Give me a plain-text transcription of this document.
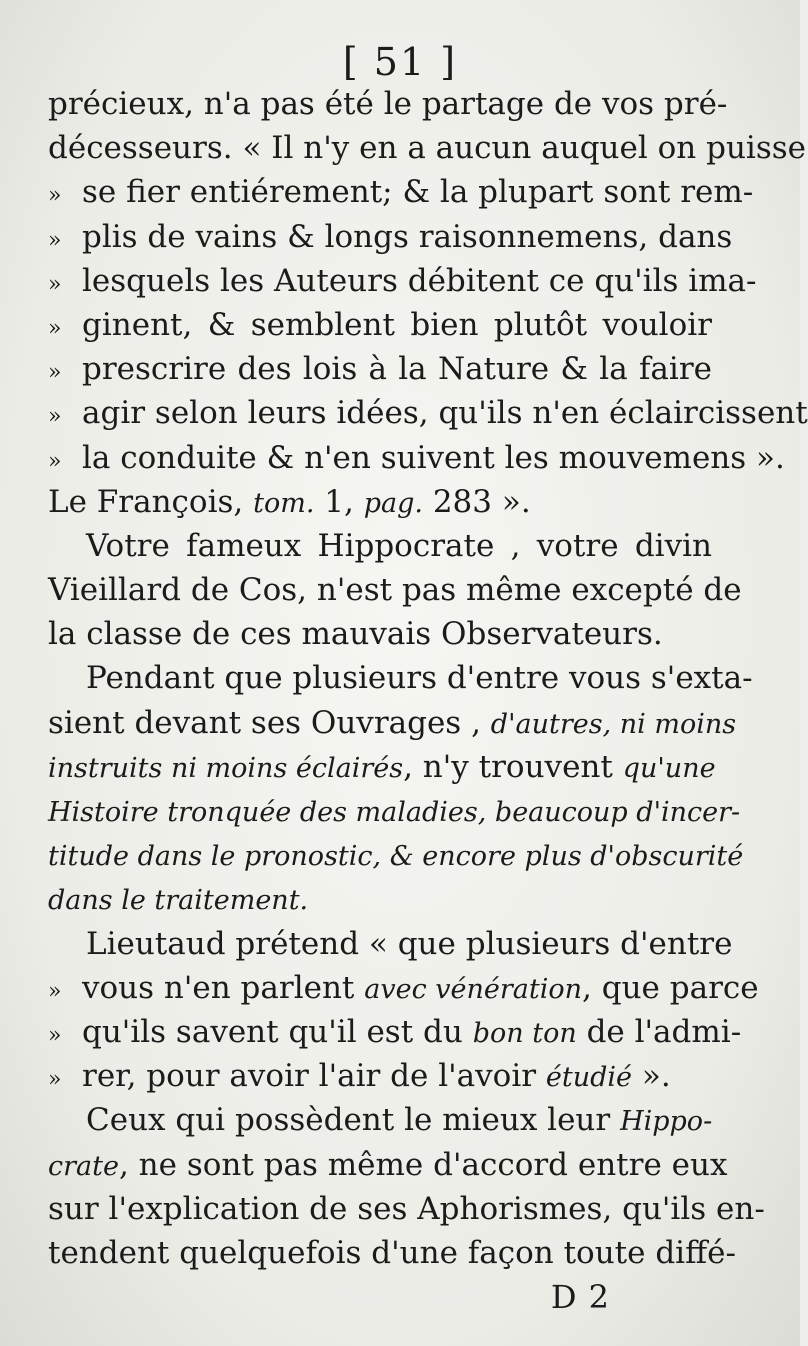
[ 51 ]
précieux, n'a pas été le partage de vos pré-
décesseurs. « Il n'y en a aucun auquel on puisse
» se fier entiérement; & la plupart sont rem-
» plis de vains & longs raisonnemens, dans
» lesquels les Auteurs débitent ce qu'ils ima-
» ginent, & semblent bien plutôt vouloir
» prescrire des lois à la Nature & la faire
» agir selon leurs idées, qu'ils n'en éclaircissent
» la conduite & n'en suivent les mouvemens ».
Le François, tom. 1, pag. 283 ».
Votre fameux Hippocrate , votre divin
Vieillard de Cos, n'est pas même excepté de
la classe de ces mauvais Observateurs.
Pendant que plusieurs d'entre vous s'exta-
sient devant ses Ouvrages , d'autres, ni moins
instruits ni moins éclairés, n'y trouvent qu'une
Histoire tronquée des maladies, beaucoup d'incer-
titude dans le pronostic, & encore plus d'obscurité
dans le traitement.
Lieutaud prétend « que plusieurs d'entre
» vous n'en parlent avec vénération, que parce
» qu'ils savent qu'il est du bon ton de l'admi-
» rer, pour avoir l'air de l'avoir étudié ».
Ceux qui possèdent le mieux leur Hippo-
crate, ne sont pas même d'accord entre eux
sur l'explication de ses Aphorismes, qu'ils en-
tendent quelquefois d'une façon toute diffé-
D 2
